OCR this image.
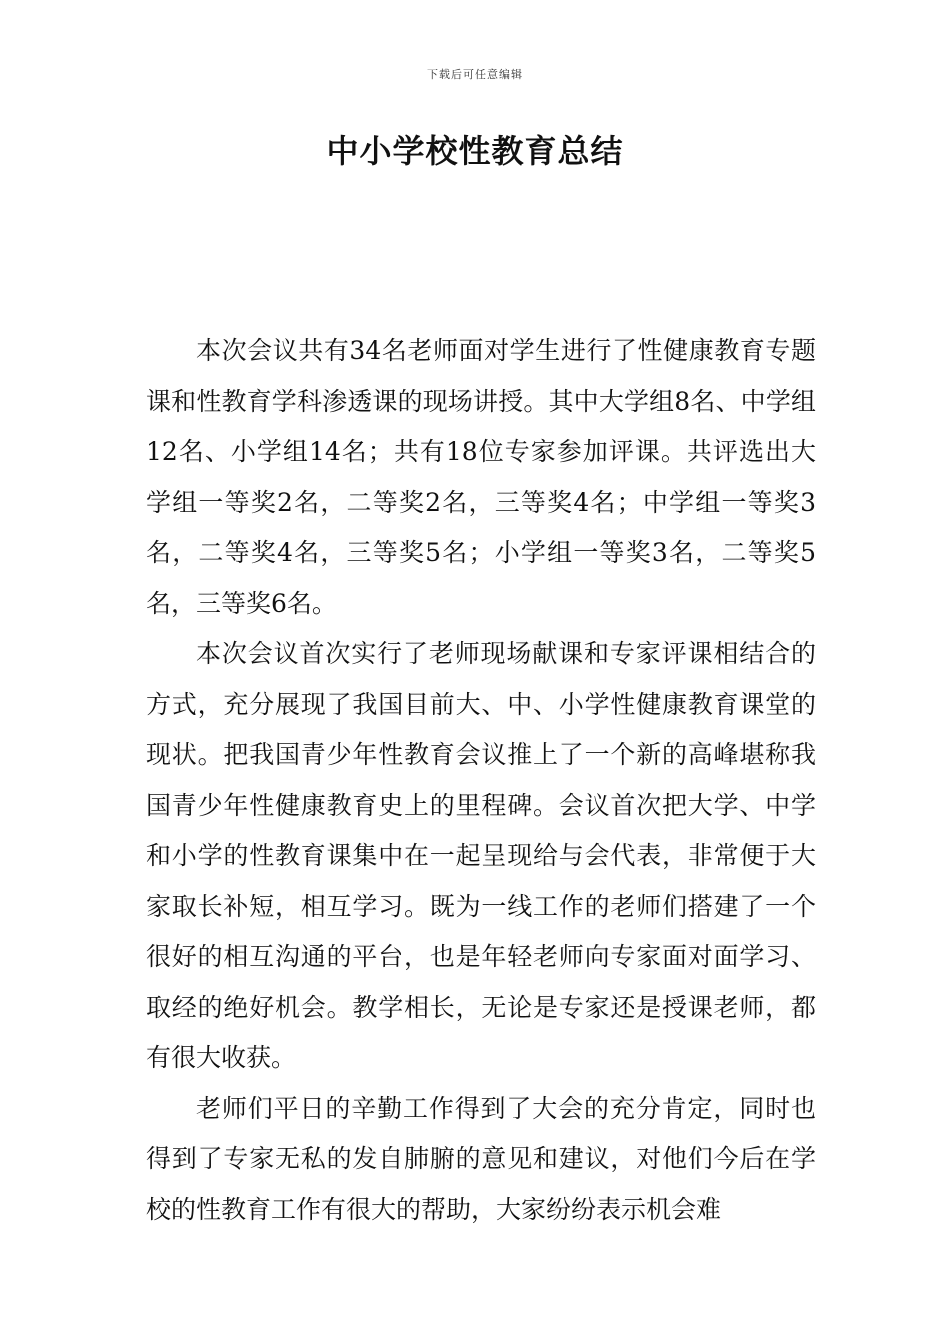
下载后可任意编辑
中小学校性教育总结

本次会议共有34名老师面对学生进行了性健康教育专题课和性教育学科渗透课的现场讲授。其中大学组8名、中学组12名、小学组14名；共有18位专家参加评课。共评选出大学组一等奖2名，二等奖2名，三等奖4名；中学组一等奖3名，二等奖4名，三等奖5名；小学组一等奖3名，二等奖5名，三等奖6名。

本次会议首次实行了老师现场献课和专家评课相结合的方式，充分展现了我国目前大、中、小学性健康教育课堂的现状。把我国青少年性教育会议推上了一个新的高峰堪称我国青少年性健康教育史上的里程碑。会议首次把大学、中学和小学的性教育课集中在一起呈现给与会代表，非常便于大家取长补短，相互学习。既为一线工作的老师们搭建了一个很好的相互沟通的平台，也是年轻老师向专家面对面学习、取经的绝好机会。教学相长，无论是专家还是授课老师，都有很大收获。

老师们平日的辛勤工作得到了大会的充分肯定，同时也得到了专家无私的发自肺腑的意见和建议，对他们今后在学校的性教育工作有很大的帮助，大家纷纷表示机会难
